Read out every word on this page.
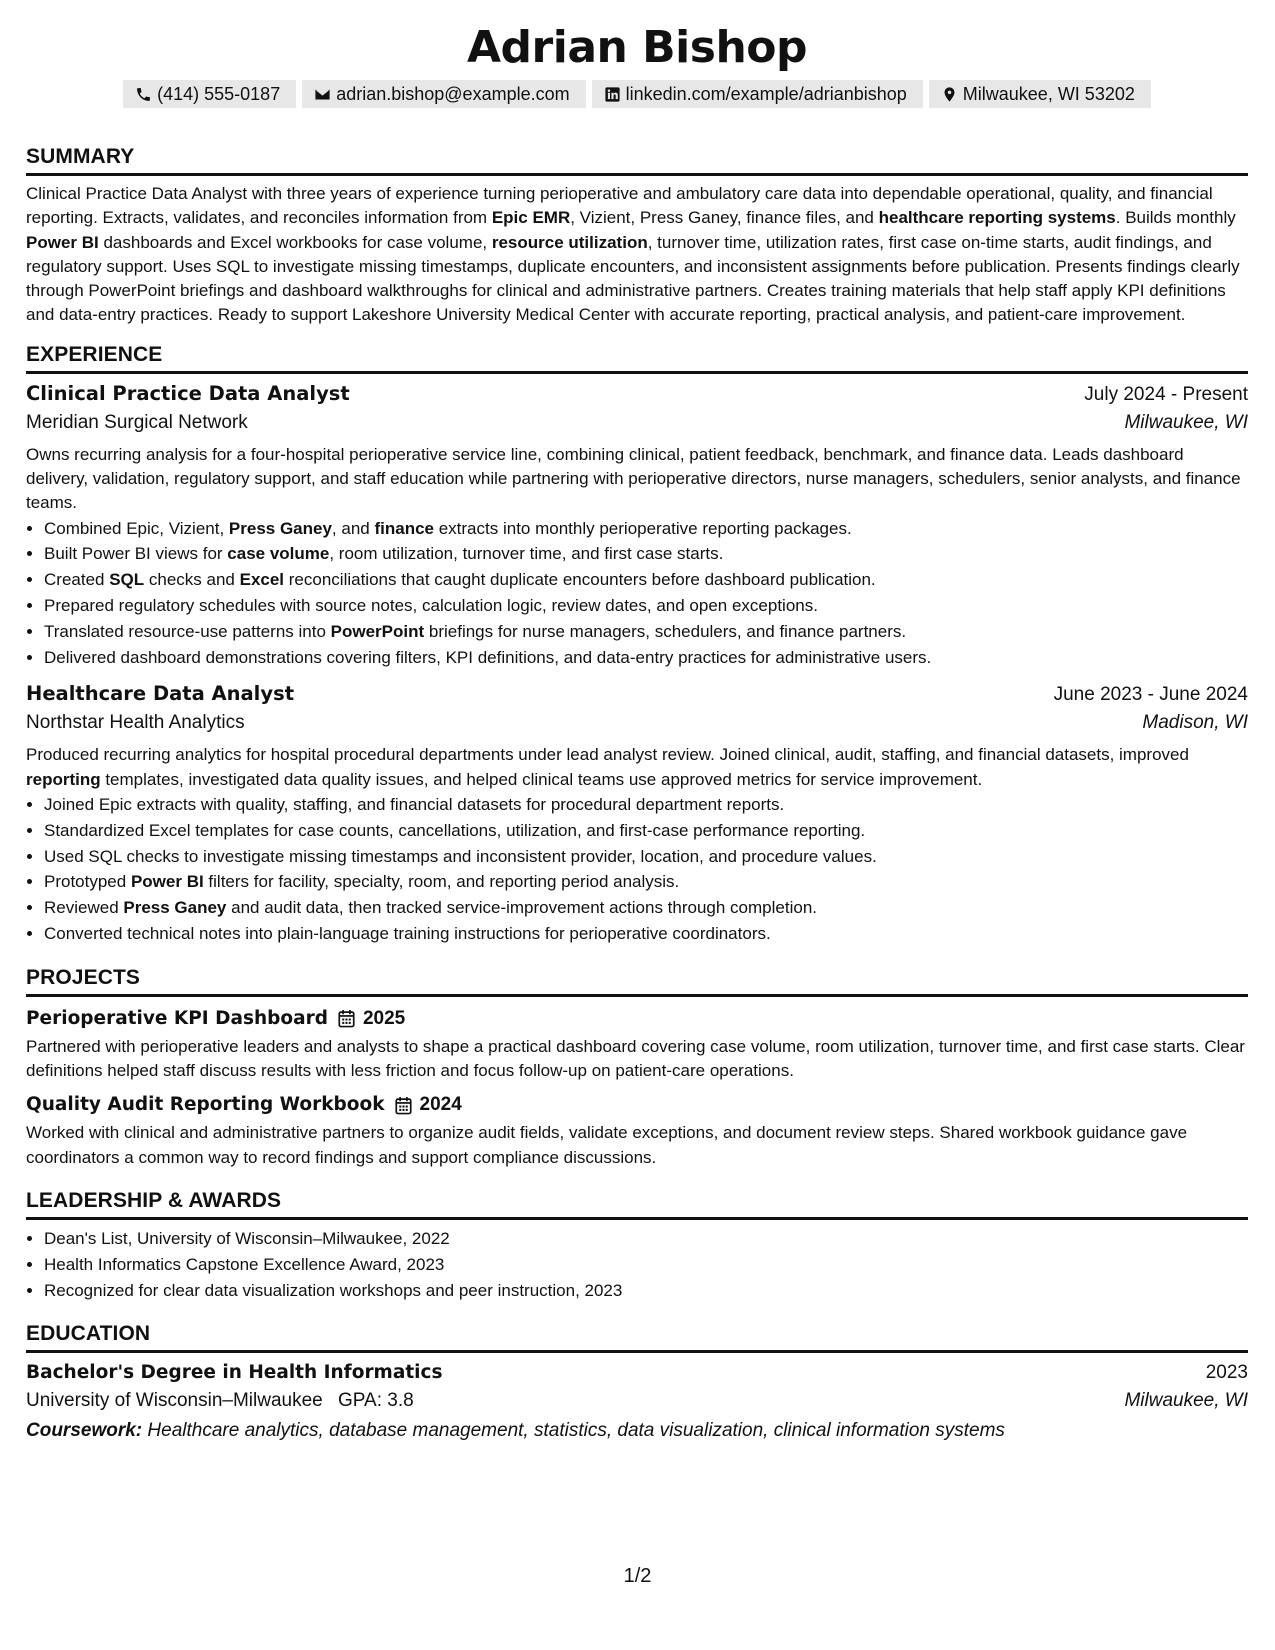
Adrian Bishop
(414) 555-0187	adrian.bishop@example.com	linkedin.com/example/adrianbishop	Milwaukee, WI 53202
SUMMARY
Clinical Practice Data Analyst with three years of experience turning perioperative and ambulatory care data into dependable operational, quality, and financial reporting. Extracts, validates, and reconciles information from Epic EMR, Vizient, Press Ganey, finance files, and healthcare reporting systems. Builds monthly Power BI dashboards and Excel workbooks for case volume, resource utilization, turnover time, utilization rates, first case on-time starts, audit findings, and regulatory support. Uses SQL to investigate missing timestamps, duplicate encounters, and inconsistent assignments before publication. Presents findings clearly through PowerPoint briefings and dashboard walkthroughs for clinical and administrative partners. Creates training materials that help staff apply KPI definitions and data-entry practices. Ready to support Lakeshore University Medical Center with accurate reporting, practical analysis, and patient-care improvement.
EXPERIENCE
Clinical Practice Data Analyst	July 2024 - Present
Meridian Surgical Network	Milwaukee, WI
Owns recurring analysis for a four-hospital perioperative service line, combining clinical, patient feedback, benchmark, and finance data. Leads dashboard delivery, validation, regulatory support, and staff education while partnering with perioperative directors, nurse managers, schedulers, senior analysts, and finance teams.
• Combined Epic, Vizient, Press Ganey, and finance extracts into monthly perioperative reporting packages.
• Built Power BI views for case volume, room utilization, turnover time, and first case starts.
• Created SQL checks and Excel reconciliations that caught duplicate encounters before dashboard publication.
• Prepared regulatory schedules with source notes, calculation logic, review dates, and open exceptions.
• Translated resource-use patterns into PowerPoint briefings for nurse managers, schedulers, and finance partners.
• Delivered dashboard demonstrations covering filters, KPI definitions, and data-entry practices for administrative users.
Healthcare Data Analyst	June 2023 - June 2024
Northstar Health Analytics	Madison, WI
Produced recurring analytics for hospital procedural departments under lead analyst review. Joined clinical, audit, staffing, and financial datasets, improved reporting templates, investigated data quality issues, and helped clinical teams use approved metrics for service improvement.
• Joined Epic extracts with quality, staffing, and financial datasets for procedural department reports.
• Standardized Excel templates for case counts, cancellations, utilization, and first-case performance reporting.
• Used SQL checks to investigate missing timestamps and inconsistent provider, location, and procedure values.
• Prototyped Power BI filters for facility, specialty, room, and reporting period analysis.
• Reviewed Press Ganey and audit data, then tracked service-improvement actions through completion.
• Converted technical notes into plain-language training instructions for perioperative coordinators.
PROJECTS
Perioperative KPI Dashboard 2025
Partnered with perioperative leaders and analysts to shape a practical dashboard covering case volume, room utilization, turnover time, and first case starts. Clear definitions helped staff discuss results with less friction and focus follow-up on patient-care operations.
Quality Audit Reporting Workbook 2024
Worked with clinical and administrative partners to organize audit fields, validate exceptions, and document review steps. Shared workbook guidance gave coordinators a common way to record findings and support compliance discussions.
LEADERSHIP & AWARDS
• Dean's List, University of Wisconsin–Milwaukee, 2022
• Health Informatics Capstone Excellence Award, 2023
• Recognized for clear data visualization workshops and peer instruction, 2023
EDUCATION
Bachelor's Degree in Health Informatics	2023
University of Wisconsin–Milwaukee GPA: 3.8	Milwaukee, WI
Coursework: Healthcare analytics, database management, statistics, data visualization, clinical information systems
1/2
